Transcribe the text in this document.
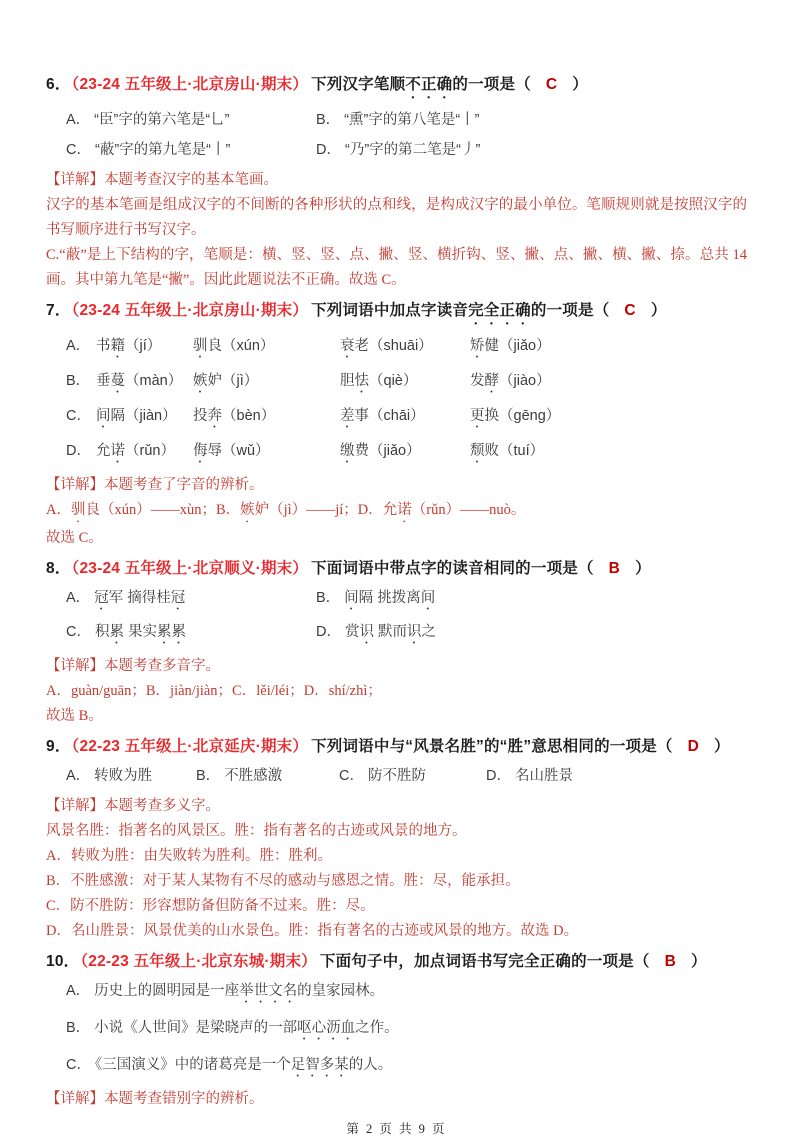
6．（23-24 五年级上·北京房山·期末） 下列汉字笔顺不正确的一项是（ C ）
A． “臣”字的第六笔是“乚”	B． “熏”字的第八笔是“丨”
C． “蔽”字的第九笔是“丨”	D． “乃”字的第二笔是“丿”

【详解】本题考查汉字的基本笔画。

汉字的基本笔画是组成汉字的不间断的各种形状的点和线，是构成汉字的最小单位。笔顺规则就是按照汉字的书写顺序进行书写汉字。

C.“蔽”是上下结构的字，笔顺是：横、竖、竖、点、撇、竖、横折钩、竖、撇、点、撇、横、撇、捺。总共 14 画。其中第九笔是“撇”。因此此题说法不正确。故选 C。

7．（23-24 五年级上·北京房山·期末） 下列词语中加点字读音完全正确的一项是（ C ）
A． 书籍（jí）	驯良（xún）	衰老（shuāi）	矫健（jiǎo）
B． 垂蔓（màn） 嫉妒（jì）	胆怯（qiè）	发酵（jiào）
C． 间隔（jiàn）	投奔（bèn）	差事（chāi）	更换（gēng）
D． 允诺（rǔn）	侮辱（wǔ）	缴费（jiǎo）	颓败（tuí）

【详解】本题考查了字音的辨析。

A．驯良（xún）——xùn；B．嫉妒（jì）——jí；D．允诺（rǔn）——nuò。

故选 C。

8．（23-24 五年级上·北京顺义·期末） 下面词语中带点字的读音相同的一项是（ B ）
A． 冠军 摘得桂冠	B． 间隔 挑拨离间
C． 积累 果实累累	D． 赏识 默而识之

【详解】本题考查多音字。

A．guàn/guān；B．jiàn/jiàn；C．lěi/léi；D．shí/zhì；

故选 B。

9．（22-23 五年级上·北京延庆·期末） 下列词语中与“风景名胜”的“胜”意思相同的一项是（ D ）
A． 转败为胜	B． 不胜感激	C． 防不胜防	D． 名山胜景

【详解】本题考查多义字。

风景名胜：指著名的风景区。胜：指有著名的古迹或风景的地方。

A．转败为胜：由失败转为胜利。胜：胜利。

B．不胜感激：对于某人某物有不尽的感动与感恩之情。胜：尽，能承担。

C．防不胜防：形容想防备但防备不过来。胜：尽。

D．名山胜景：风景优美的山水景色。胜：指有著名的古迹或风景的地方。故选 D。

10．（22-23 五年级上·北京东城·期末） 下面句子中，加点词语书写完全正确的一项是（ B ）
A． 历史上的圆明园是一座举世文名的皇家园林。
B． 小说《人世间》是梁晓声的一部呕心沥血之作。
C． 《三国演义》中的诸葛亮是一个足智多某的人。

【详解】本题考查错别字的辨析。

第 2 页 共 9 页
